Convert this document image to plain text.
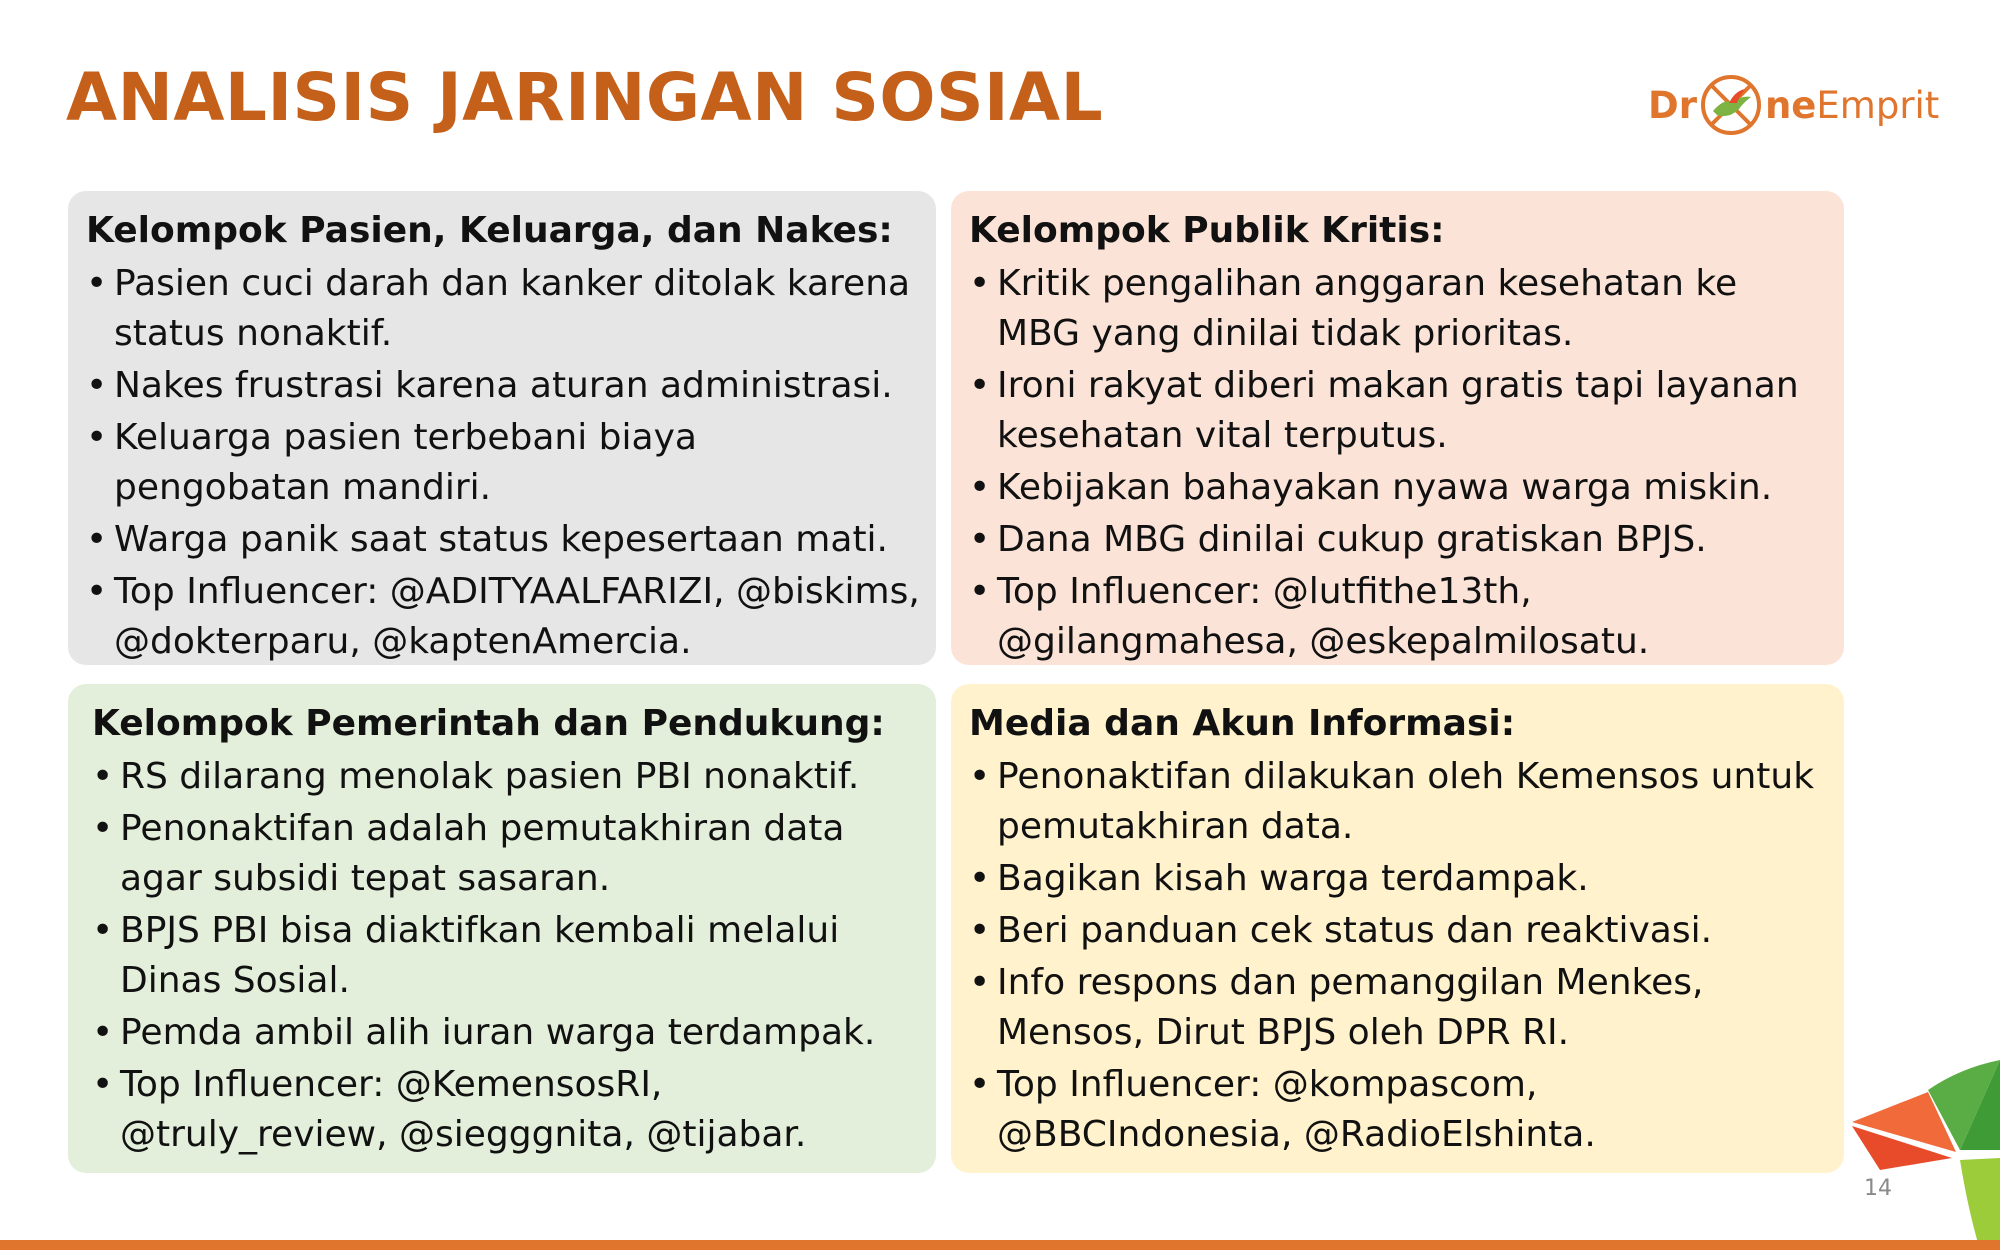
ANALISIS JARINGAN SOSIAL	Dr ne Emprit
Kelompok Pasien, Keluarga, dan Nakes:
• Pasien cuci darah dan kanker ditolak karena status nonaktif.
• Nakes frustrasi karena aturan administrasi.
• Keluarga pasien terbebani biaya pengobatan mandiri.
• Warga panik saat status kepesertaan mati.
• Top Influencer: @ADITYAALFARIZI, @biskims, @dokterparu, @kaptenAmercia.
Kelompok Publik Kritis:
• Kritik pengalihan anggaran kesehatan ke MBG yang dinilai tidak prioritas.
• Ironi rakyat diberi makan gratis tapi layanan kesehatan vital terputus.
• Kebijakan bahayakan nyawa warga miskin.
• Dana MBG dinilai cukup gratiskan BPJS.
• Top Influencer: @lutfithe13th, @gilangmahesa, @eskepalmilosatu.
Kelompok Pemerintah dan Pendukung:
• RS dilarang menolak pasien PBI nonaktif.
• Penonaktifan adalah pemutakhiran data agar subsidi tepat sasaran.
• BPJS PBI bisa diaktifkan kembali melalui Dinas Sosial.
• Pemda ambil alih iuran warga terdampak.
• Top Influencer: @KemensosRI, @truly_review, @siegggnita, @tijabar.
Media dan Akun Informasi:
• Penonaktifan dilakukan oleh Kemensos untuk pemutakhiran data.
• Bagikan kisah warga terdampak.
• Beri panduan cek status dan reaktivasi.
• Info respons dan pemanggilan Menkes, Mensos, Dirut BPJS oleh DPR RI.
• Top Influencer: @kompascom, @BBCIndonesia, @RadioElshinta.
14
